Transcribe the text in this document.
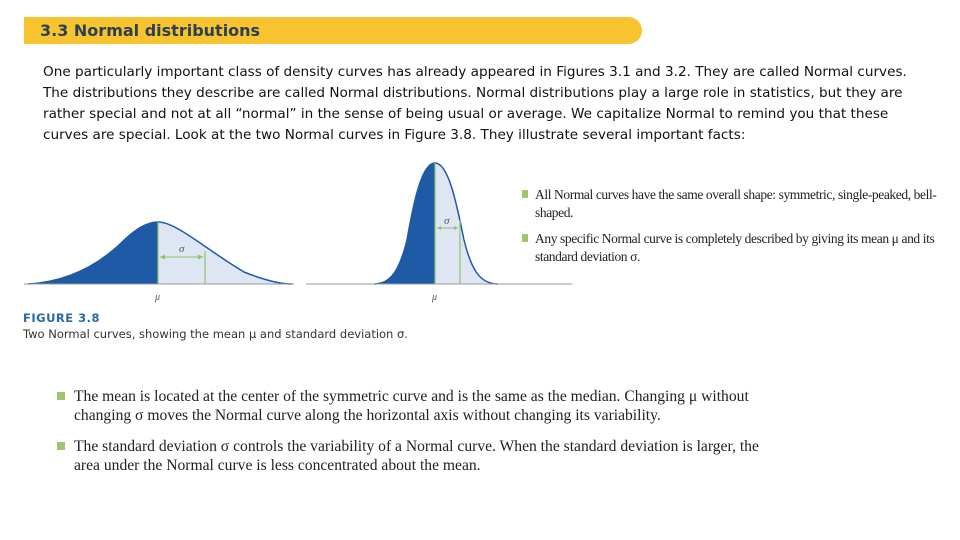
3.3 Normal distributions

One particularly important class of density curves has already appeared in Figures 3.1 and 3.2. They are called Normal curves. The distributions they describe are called Normal distributions. Normal distributions play a large role in statistics, but they are rather special and not at all “normal” in the sense of being usual or average. We capitalize Normal to remind you that these curves are special. Look at the two Normal curves in Figure 3.8. They illustrate several important facts:

σ
μ
σ
μ
All Normal curves have the same overall shape: symmetric, single-peaked, bell-shaped.
Any specific Normal curve is completely described by giving its mean μ and its standard deviation σ.
FIGURE 3.8
Two Normal curves, showing the mean μ and standard deviation σ.
The mean is located at the center of the symmetric curve and is the same as the median. Changing μ without changing σ moves the Normal curve along the horizontal axis without changing its variability.
The standard deviation σ controls the variability of a Normal curve. When the standard deviation is larger, the area under the Normal curve is less concentrated about the mean.
